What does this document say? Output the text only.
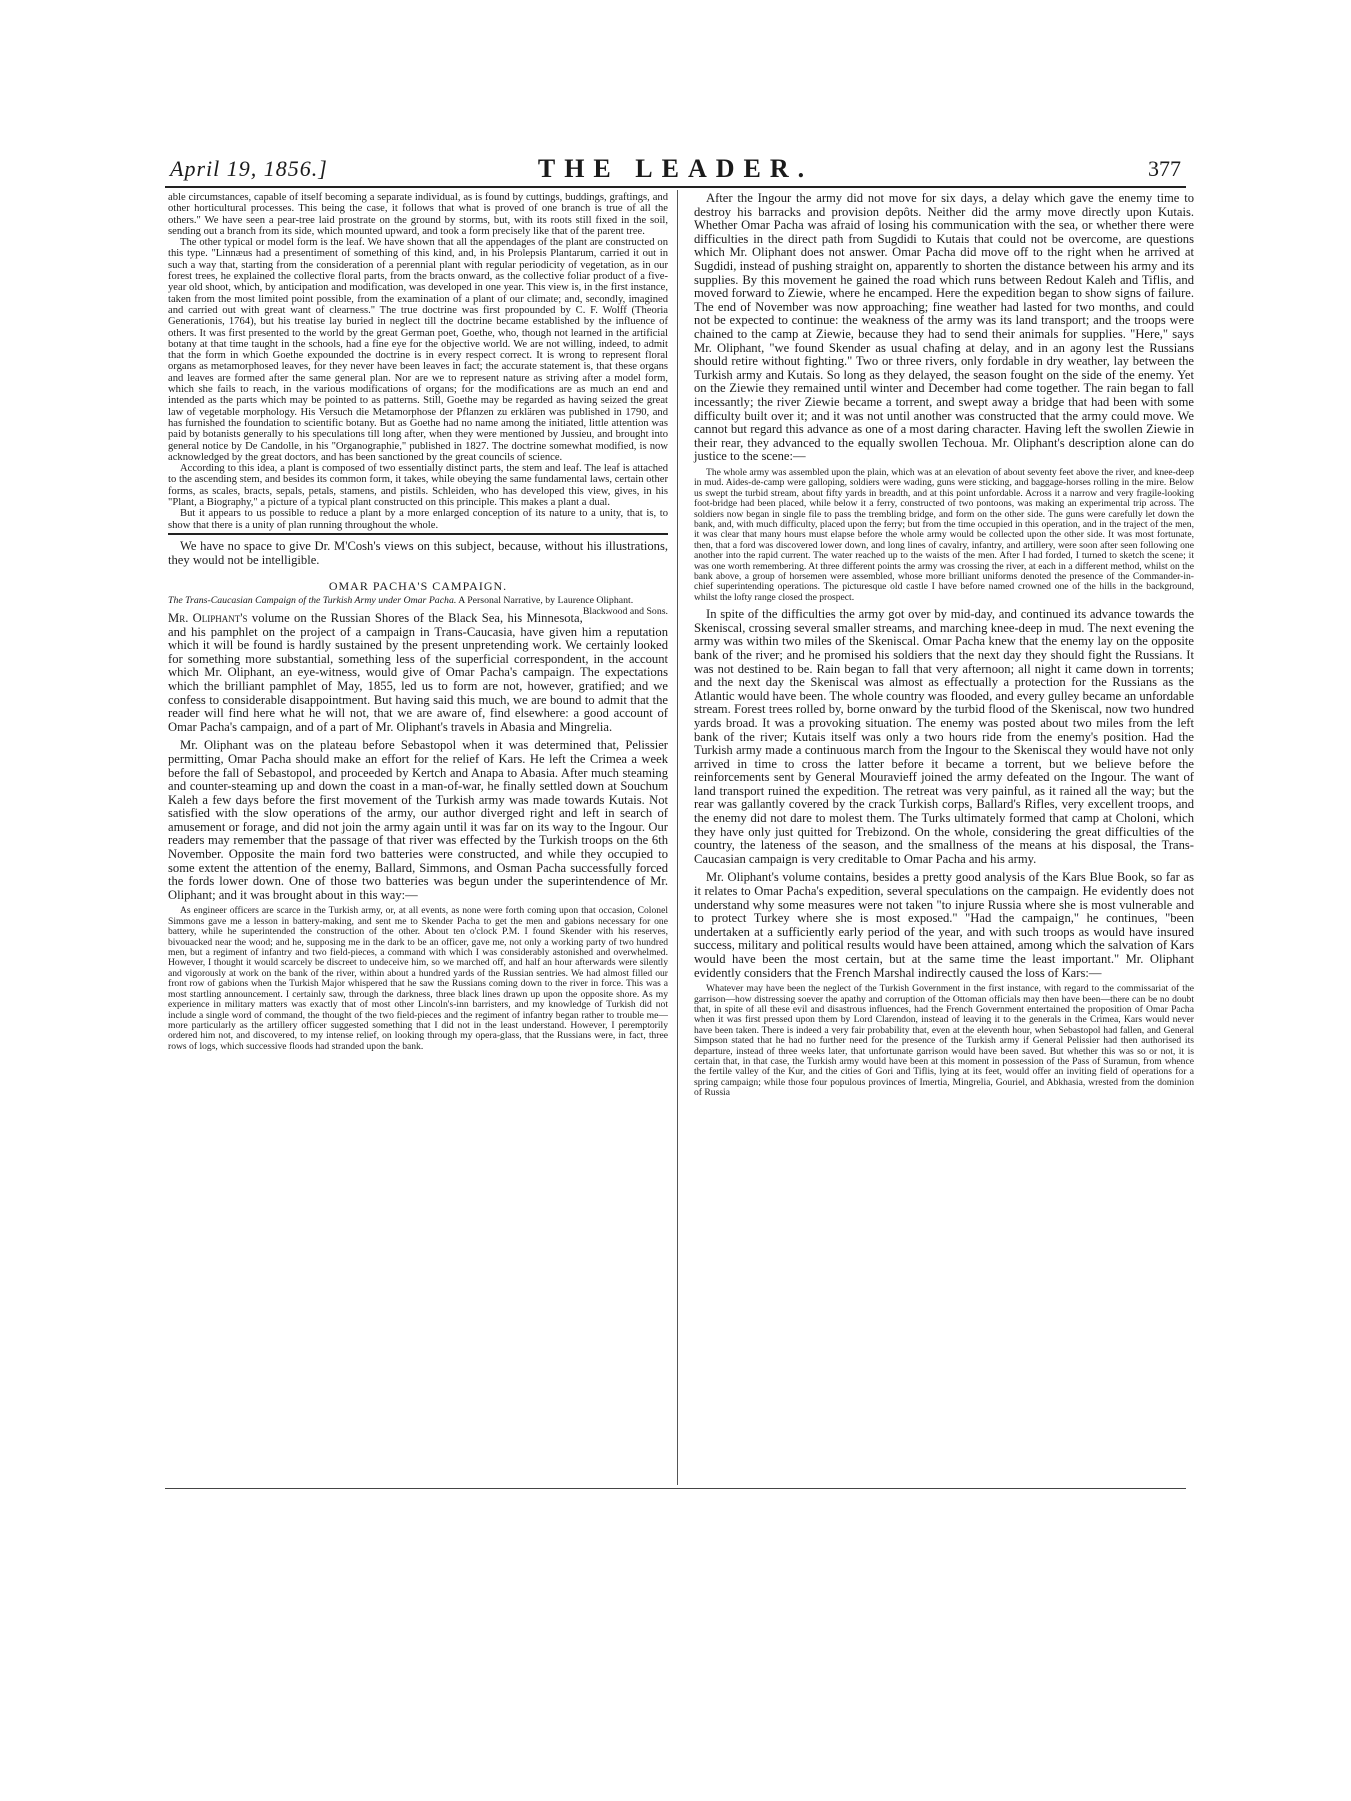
April 19, 1856.]	THE LEADER.	377

able circumstances, capable of itself becoming a separate individual, as is found by cuttings, buddings, graftings, and other horticultural processes. This being the case, it follows that what is proved of one branch is true of all the others." We have seen a pear-tree laid prostrate on the ground by storms, but, with its roots still fixed in the soil, sending out a branch from its side, which mounted upward, and took a form precisely like that of the parent tree.

The other typical or model form is the leaf. We have shown that all the appendages of the plant are constructed on this type. "Linnæus had a presentiment of something of this kind, and, in his Prolepsis Plantarum, carried it out in such a way that, starting from the consideration of a perennial plant with regular periodicity of vegetation, as in our forest trees, he explained the collective floral parts, from the bracts onward, as the collective foliar product of a five-year old shoot, which, by anticipation and modification, was developed in one year. This view is, in the first instance, taken from the most limited point possible, from the examination of a plant of our climate; and, secondly, imagined and carried out with great want of clearness." The true doctrine was first propounded by C. F. Wolff (Theoria Generationis, 1764), but his treatise lay buried in neglect till the doctrine became established by the influence of others. It was first presented to the world by the great German poet, Goethe, who, though not learned in the artificial botany at that time taught in the schools, had a fine eye for the objective world. We are not willing, indeed, to admit that the form in which Goethe expounded the doctrine is in every respect correct. It is wrong to represent floral organs as metamorphosed leaves, for they never have been leaves in fact; the accurate statement is, that these organs and leaves are formed after the same general plan. Nor are we to represent nature as striving after a model form, which she fails to reach, in the various modifications of organs; for the modifications are as much an end and intended as the parts which may be pointed to as patterns. Still, Goethe may be regarded as having seized the great law of vegetable morphology. His Versuch die Metamorphose der Pflanzen zu erklären was published in 1790, and has furnished the foundation to scientific botany. But as Goethe had no name among the initiated, little attention was paid by botanists generally to his speculations till long after, when they were mentioned by Jussieu, and brought into general notice by De Candolle, in his "Organographie," published in 1827. The doctrine somewhat modified, is now acknowledged by the great doctors, and has been sanctioned by the great councils of science.

According to this idea, a plant is composed of two essentially distinct parts, the stem and leaf. The leaf is attached to the ascending stem, and besides its common form, it takes, while obeying the same fundamental laws, certain other forms, as scales, bracts, sepals, petals, stamens, and pistils. Schleiden, who has developed this view, gives, in his "Plant, a Biography," a picture of a typical plant constructed on this principle. This makes a plant a dual.

But it appears to us possible to reduce a plant by a more enlarged conception of its nature to a unity, that is, to show that there is a unity of plan running throughout the whole.

We have no space to give Dr. M'Cosh's views on this subject, because, without his illustrations, they would not be intelligible.

OMAR PACHA'S CAMPAIGN.

The Trans-Caucasian Campaign of the Turkish Army under Omar Pacha. A Personal Narrative, by Laurence Oliphant.
Blackwood and Sons.

Mr. Oliphant's volume on the Russian Shores of the Black Sea, his Minnesota, and his pamphlet on the project of a campaign in Trans-Caucasia, have given him a reputation which it will be found is hardly sustained by the present unpretending work. We certainly looked for something more substantial, something less of the superficial correspondent, in the account which Mr. Oliphant, an eye-witness, would give of Omar Pacha's campaign. The expectations which the brilliant pamphlet of May, 1855, led us to form are not, however, gratified; and we confess to considerable disappointment. But having said this much, we are bound to admit that the reader will find here what he will not, that we are aware of, find elsewhere: a good account of Omar Pacha's campaign, and of a part of Mr. Oliphant's travels in Abasia and Mingrelia.

Mr. Oliphant was on the plateau before Sebastopol when it was determined that, Pelissier permitting, Omar Pacha should make an effort for the relief of Kars. He left the Crimea a week before the fall of Sebastopol, and proceeded by Kertch and Anapa to Abasia. After much steaming and counter-steaming up and down the coast in a man-of-war, he finally settled down at Souchum Kaleh a few days before the first movement of the Turkish army was made towards Kutais. Not satisfied with the slow operations of the army, our author diverged right and left in search of amusement or forage, and did not join the army again until it was far on its way to the Ingour. Our readers may remember that the passage of that river was effected by the Turkish troops on the 6th November. Opposite the main ford two batteries were constructed, and while they occupied to some extent the attention of the enemy, Ballard, Simmons, and Osman Pacha successfully forced the fords lower down. One of those two batteries was begun under the superintendence of Mr. Oliphant; and it was brought about in this way:—

As engineer officers are scarce in the Turkish army, or, at all events, as none were forth coming upon that occasion, Colonel Simmons gave me a lesson in battery-making, and sent me to Skender Pacha to get the men and gabions necessary for one battery, while he superintended the construction of the other. About ten o'clock P.M. I found Skender with his reserves, bivouacked near the wood; and he, supposing me in the dark to be an officer, gave me, not only a working party of two hundred men, but a regiment of infantry and two field-pieces, a command with which I was considerably astonished and overwhelmed. However, I thought it would scarcely be discreet to undeceive him, so we marched off, and half an hour afterwards were silently and vigorously at work on the bank of the river, within about a hundred yards of the Russian sentries. We had almost filled our front row of gabions when the Turkish Major whispered that he saw the Russians coming down to the river in force. This was a most startling announcement. I certainly saw, through the darkness, three black lines drawn up upon the opposite shore. As my experience in military matters was exactly that of most other Lincoln's-inn barristers, and my knowledge of Turkish did not include a single word of command, the thought of the two field-pieces and the regiment of infantry began rather to trouble me—more particularly as the artillery officer suggested something that I did not in the least understand. However, I peremptorily ordered him not, and discovered, to my intense relief, on looking through my opera-glass, that the Russians were, in fact, three rows of logs, which successive floods had stranded upon the bank.

After the Ingour the army did not move for six days, a delay which gave the enemy time to destroy his barracks and provision depôts. Neither did the army move directly upon Kutais. Whether Omar Pacha was afraid of losing his communication with the sea, or whether there were difficulties in the direct path from Sugdidi to Kutais that could not be overcome, are questions which Mr. Oliphant does not answer. Omar Pacha did move off to the right when he arrived at Sugdidi, instead of pushing straight on, apparently to shorten the distance between his army and its supplies. By this movement he gained the road which runs between Redout Kaleh and Tiflis, and moved forward to Ziewie, where he encamped. Here the expedition began to show signs of failure. The end of November was now approaching; fine weather had lasted for two months, and could not be expected to continue: the weakness of the army was its land transport; and the troops were chained to the camp at Ziewie, because they had to send their animals for supplies. "Here," says Mr. Oliphant, "we found Skender as usual chafing at delay, and in an agony lest the Russians should retire without fighting." Two or three rivers, only fordable in dry weather, lay between the Turkish army and Kutais. So long as they delayed, the season fought on the side of the enemy. Yet on the Ziewie they remained until winter and December had come together. The rain began to fall incessantly; the river Ziewie became a torrent, and swept away a bridge that had been with some difficulty built over it; and it was not until another was constructed that the army could move. We cannot but regard this advance as one of a most daring character. Having left the swollen Ziewie in their rear, they advanced to the equally swollen Techoua. Mr. Oliphant's description alone can do justice to the scene:—

The whole army was assembled upon the plain, which was at an elevation of about seventy feet above the river, and knee-deep in mud. Aides-de-camp were galloping, soldiers were wading, guns were sticking, and baggage-horses rolling in the mire. Below us swept the turbid stream, about fifty yards in breadth, and at this point unfordable. Across it a narrow and very fragile-looking foot-bridge had been placed, while below it a ferry, constructed of two pontoons, was making an experimental trip across. The soldiers now began in single file to pass the trembling bridge, and form on the other side. The guns were carefully let down the bank, and, with much difficulty, placed upon the ferry; but from the time occupied in this operation, and in the traject of the men, it was clear that many hours must elapse before the whole army would be collected upon the other side. It was most fortunate, then, that a ford was discovered lower down, and long lines of cavalry, infantry, and artillery, were soon after seen following one another into the rapid current. The water reached up to the waists of the men. After I had forded, I turned to sketch the scene; it was one worth remembering. At three different points the army was crossing the river, at each in a different method, whilst on the bank above, a group of horsemen were assembled, whose more brilliant uniforms denoted the presence of the Commander-in-chief superintending operations. The picturesque old castle I have before named crowned one of the hills in the background, whilst the lofty range closed the prospect.

In spite of the difficulties the army got over by mid-day, and continued its advance towards the Skeniscal, crossing several smaller streams, and marching knee-deep in mud. The next evening the army was within two miles of the Skeniscal. Omar Pacha knew that the enemy lay on the opposite bank of the river; and he promised his soldiers that the next day they should fight the Russians. It was not destined to be. Rain began to fall that very afternoon; all night it came down in torrents; and the next day the Skeniscal was almost as effectually a protection for the Russians as the Atlantic would have been. The whole country was flooded, and every gulley became an unfordable stream. Forest trees rolled by, borne onward by the turbid flood of the Skeniscal, now two hundred yards broad. It was a provoking situation. The enemy was posted about two miles from the left bank of the river; Kutais itself was only a two hours ride from the enemy's position. Had the Turkish army made a continuous march from the Ingour to the Skeniscal they would have not only arrived in time to cross the latter before it became a torrent, but we believe before the reinforcements sent by General Mouravieff joined the army defeated on the Ingour. The want of land transport ruined the expedition. The retreat was very painful, as it rained all the way; but the rear was gallantly covered by the crack Turkish corps, Ballard's Rifles, very excellent troops, and the enemy did not dare to molest them. The Turks ultimately formed that camp at Choloni, which they have only just quitted for Trebizond. On the whole, considering the great difficulties of the country, the lateness of the season, and the smallness of the means at his disposal, the Trans-Caucasian campaign is very creditable to Omar Pacha and his army.

Mr. Oliphant's volume contains, besides a pretty good analysis of the Kars Blue Book, so far as it relates to Omar Pacha's expedition, several speculations on the campaign. He evidently does not understand why some measures were not taken "to injure Russia where she is most vulnerable and to protect Turkey where she is most exposed." "Had the campaign," he continues, "been undertaken at a sufficiently early period of the year, and with such troops as would have insured success, military and political results would have been attained, among which the salvation of Kars would have been the most certain, but at the same time the least important." Mr. Oliphant evidently considers that the French Marshal indirectly caused the loss of Kars:—

Whatever may have been the neglect of the Turkish Government in the first instance, with regard to the commissariat of the garrison—how distressing soever the apathy and corruption of the Ottoman officials may then have been—there can be no doubt that, in spite of all these evil and disastrous influences, had the French Government entertained the proposition of Omar Pacha when it was first pressed upon them by Lord Clarendon, instead of leaving it to the generals in the Crimea, Kars would never have been taken. There is indeed a very fair probability that, even at the eleventh hour, when Sebastopol had fallen, and General Simpson stated that he had no further need for the presence of the Turkish army if General Pelissier had then authorised its departure, instead of three weeks later, that unfortunate garrison would have been saved. But whether this was so or not, it is certain that, in that case, the Turkish army would have been at this moment in possession of the Pass of Suramun, from whence the fertile valley of the Kur, and the cities of Gori and Tiflis, lying at its feet, would offer an inviting field of operations for a spring campaign; while those four populous provinces of Imertia, Mingrelia, Gouriel, and Abkhasia, wrested from the dominion of Russia
